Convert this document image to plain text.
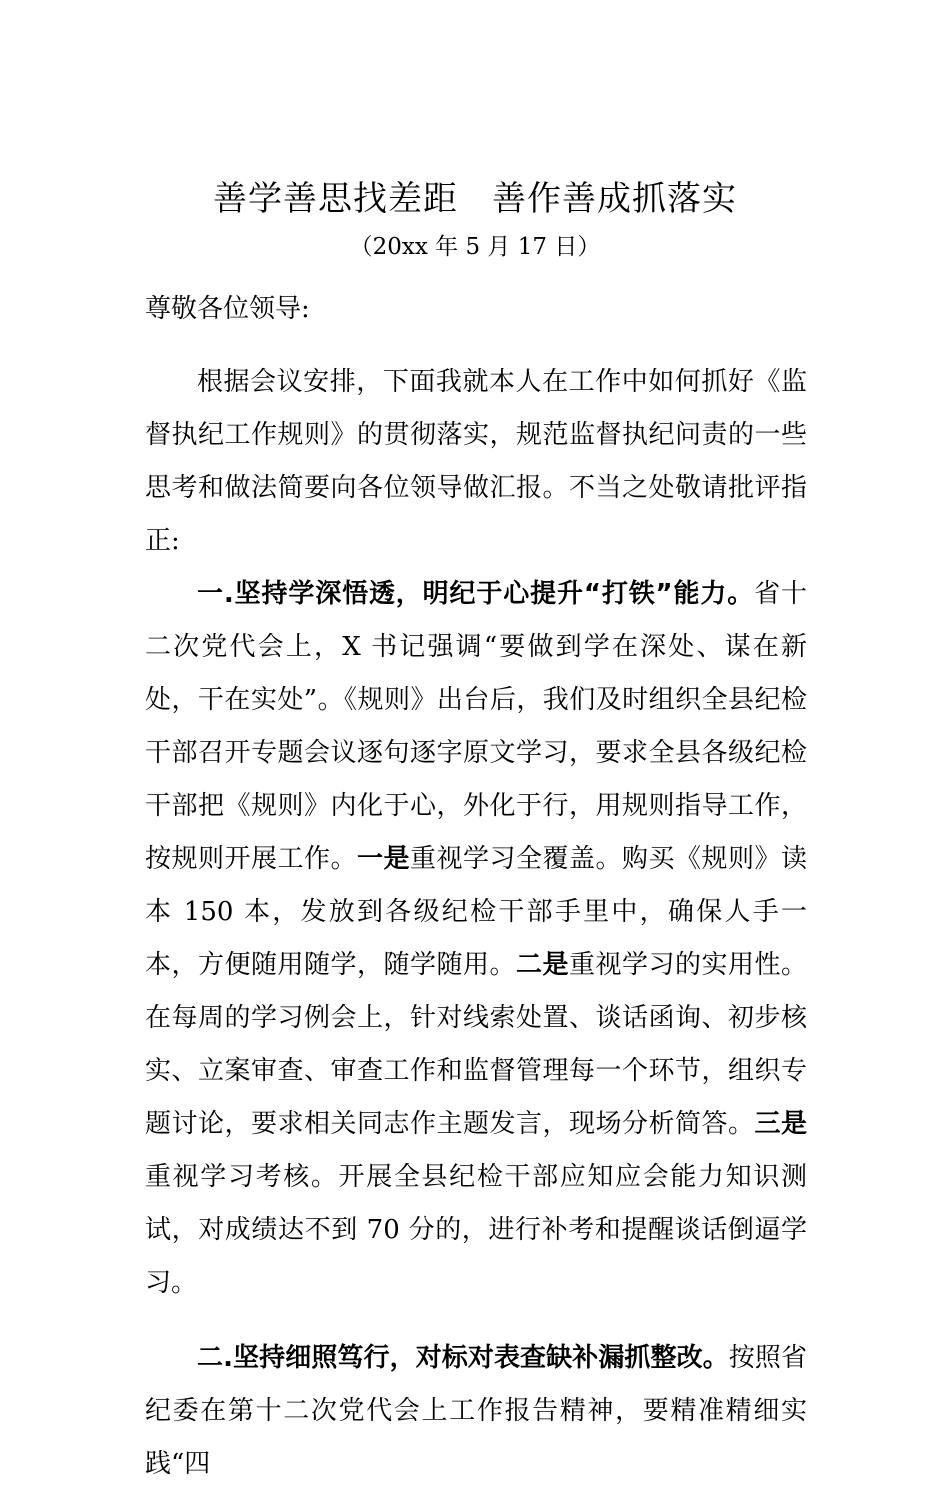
善学善思找差距 善作善成抓落实
（20xx 年 5 月 17 日）

尊敬各位领导:

根据会议安排，下面我就本人在工作中如何抓好《监督执纪工作规则》的贯彻落实，规范监督执纪问责的一些思考和做法简要向各位领导做汇报。不当之处敬请批评指正:

一.坚持学深悟透，明纪于心提升“打铁”能力。省十二次党代会上，X 书记强调“要做到学在深处、谋在新处，干在实处”。《规则》出台后，我们及时组织全县纪检干部召开专题会议逐句逐字原文学习，要求全县各级纪检干部把《规则》内化于心，外化于行，用规则指导工作，按规则开展工作。一是重视学习全覆盖。购买《规则》读本 150 本，发放到各级纪检干部手里中，确保人手一本，方便随用随学，随学随用。二是重视学习的实用性。在每周的学习例会上，针对线索处置、谈话函询、初步核实、立案审查、审查工作和监督管理每一个环节，组织专题讨论，要求相关同志作主题发言，现场分析简答。三是重视学习考核。开展全县纪检干部应知应会能力知识测试，对成绩达不到 70 分的，进行补考和提醒谈话倒逼学习。

二.坚持细照笃行，对标对表查缺补漏抓整改。按照省纪委在第十二次党代会上工作报告精神，要精准精细实践“四
